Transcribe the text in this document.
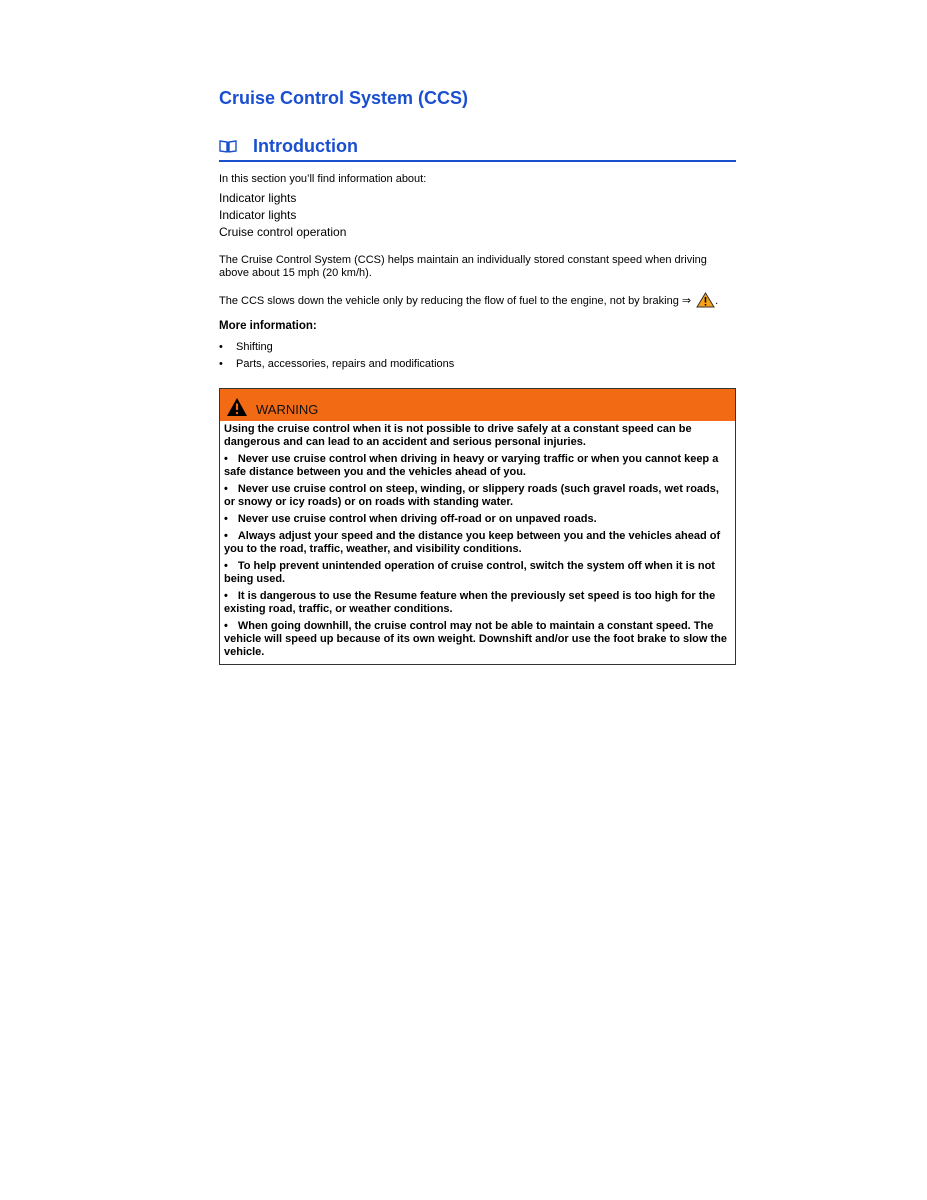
Cruise Control System (CCS)
Introduction
In this section you’ll find information about:
Indicator lights
Indicator lights
Cruise control operation
The Cruise Control System (CCS) helps maintain an individually stored constant speed when driving above about 15 mph (20 km/h).
The CCS slows down the vehicle only by reducing the flow of fuel to the engine, not by braking ⇒ .
More information:
• Shifting
• Parts, accessories, repairs and modifications
WARNING

Using the cruise control when it is not possible to drive safely at a constant speed can be dangerous and can lead to an accident and serious personal injuries.

• Never use cruise control when driving in heavy or varying traffic or when you cannot keep a safe distance between you and the vehicles ahead of you.

• Never use cruise control on steep, winding, or slippery roads (such gravel roads, wet roads, or snowy or icy roads) or on roads with standing water.

• Never use cruise control when driving off-road or on unpaved roads.

• Always adjust your speed and the distance you keep between you and the vehicles ahead of you to the road, traffic, weather, and visibility conditions.

• To help prevent unintended operation of cruise control, switch the system off when it is not being used.

• It is dangerous to use the Resume feature when the previously set speed is too high for the existing road, traffic, or weather conditions.

• When going downhill, the cruise control may not be able to maintain a constant speed. The vehicle will speed up because of its own weight. Downshift and/or use the foot brake to slow the vehicle.
